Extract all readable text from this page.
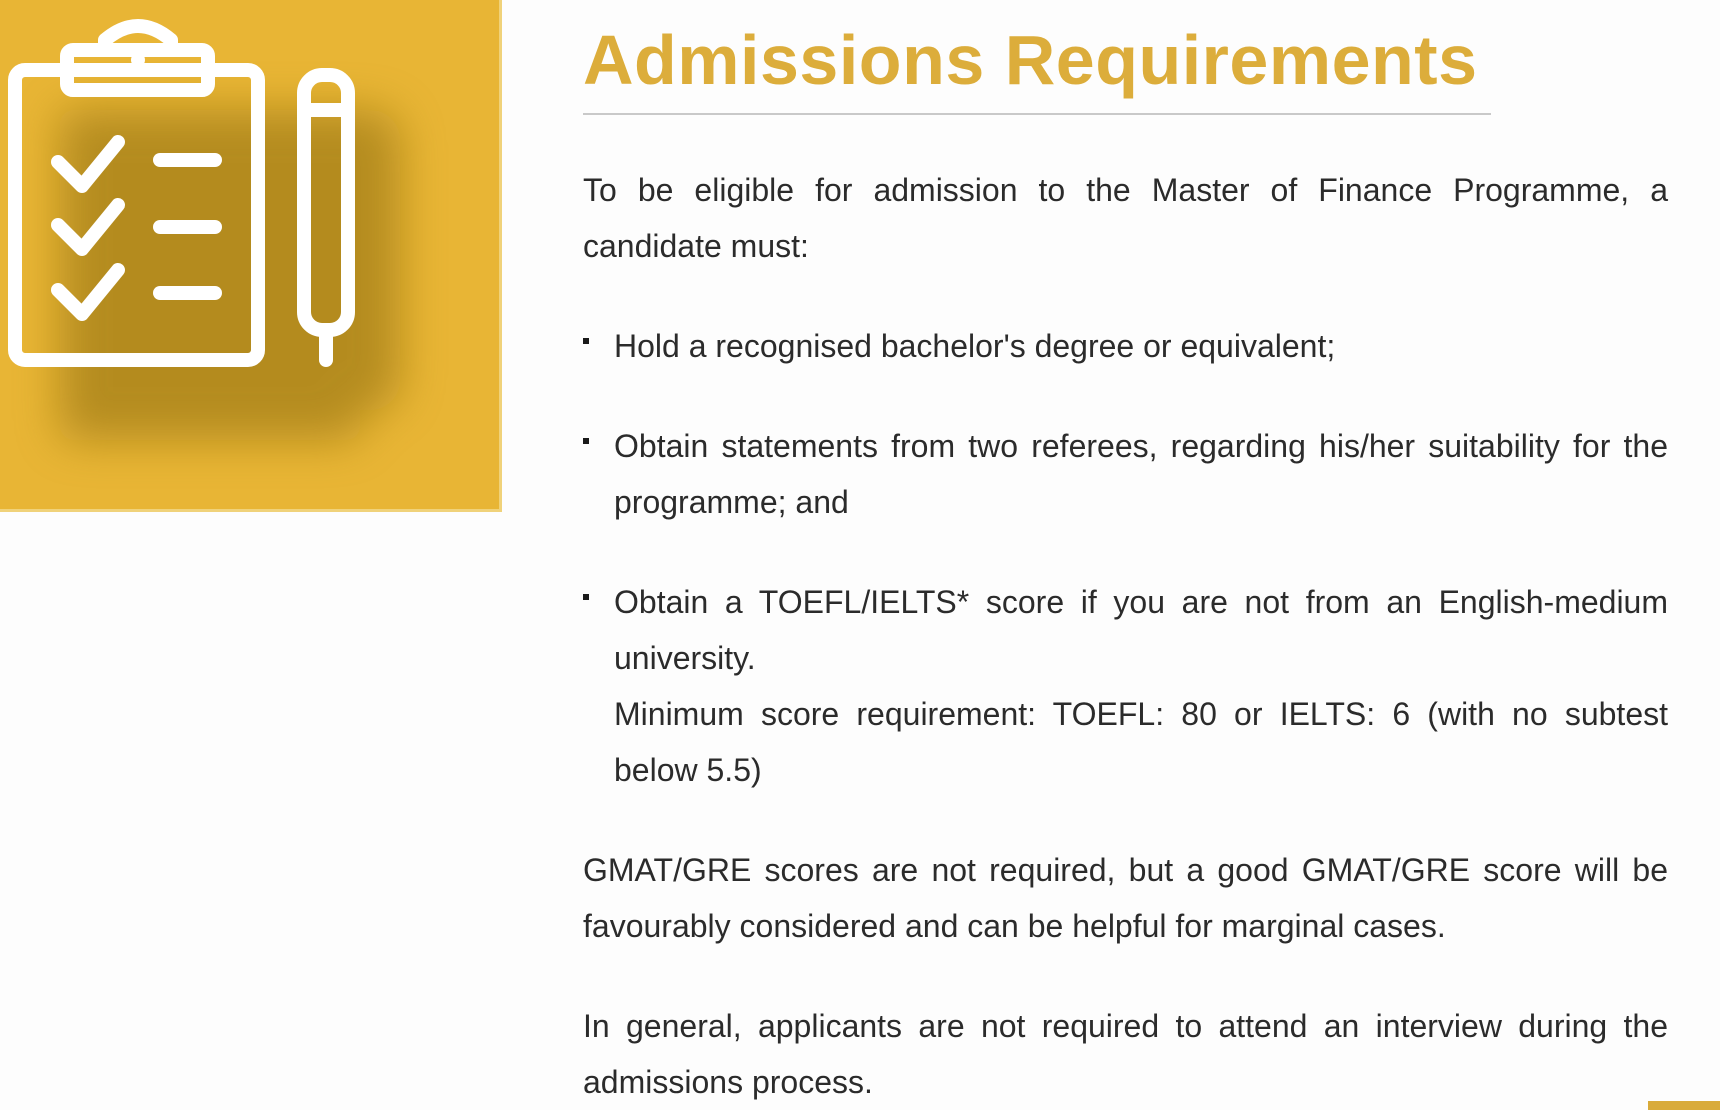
Admissions Requirements

To be eligible for admission to the Master of Finance Programme, a candidate must:

Hold a recognised bachelor's degree or equivalent;
Obtain statements from two referees, regarding his/her suitability for the programme; and
Obtain a TOEFL/IELTS* score if you are not from an English-medium university.
Minimum score requirement: TOEFL: 80 or IELTS: 6 (with no subtest below 5.5)

GMAT/GRE scores are not required, but a good GMAT/GRE score will be favourably considered and can be helpful for marginal cases.

In general, applicants are not required to attend an interview during the admissions process.
